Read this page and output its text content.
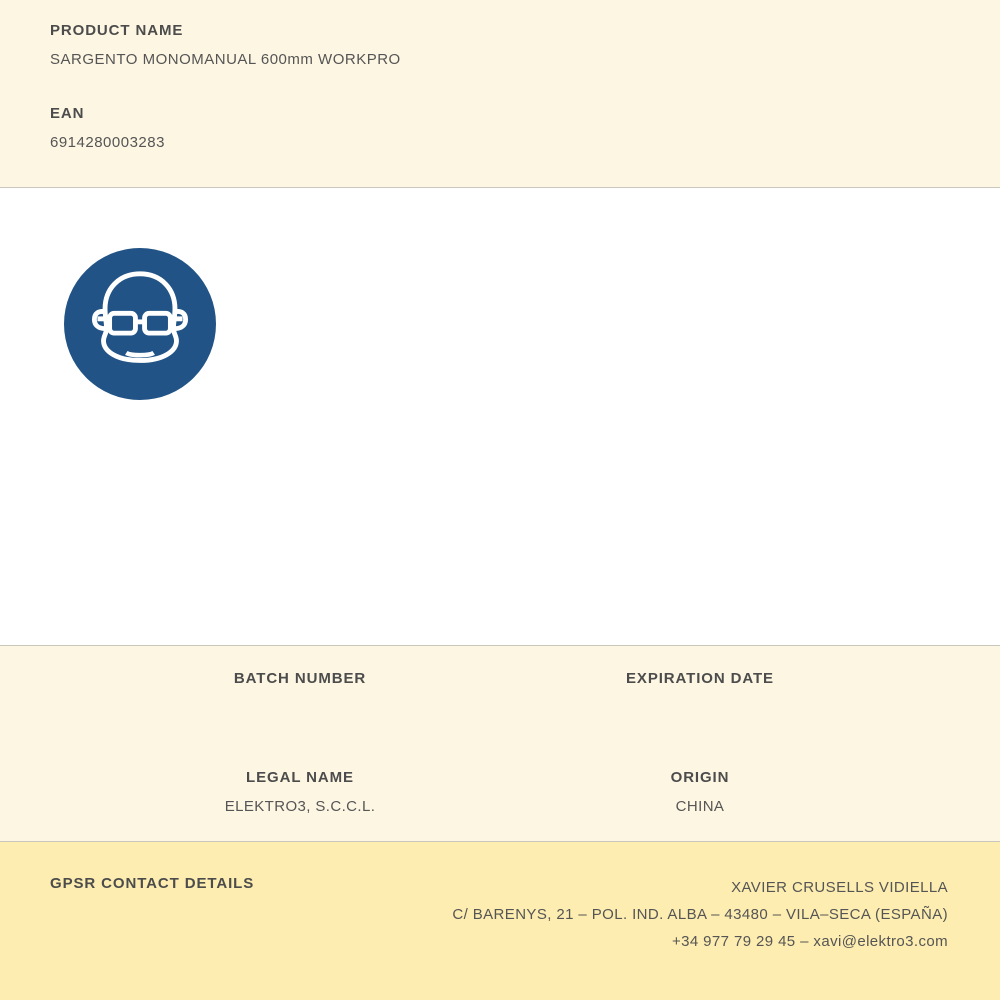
PRODUCT NAME
SARGENTO MONOMANUAL 600mm WORKPRO
EAN
6914280003283
BATCH NUMBER	EXPIRATION DATE
LEGAL NAME
ELEKTRO3, S.C.C.L.
ORIGIN
CHINA
GPSR CONTACT DETAILS	XAVIER CRUSELLS VIDIELLA
C/ BARENYS, 21 – POL. IND. ALBA – 43480 – VILA–SECA (ESPAÑA)
+34 977 79 29 45 – xavi@elektro3.com
